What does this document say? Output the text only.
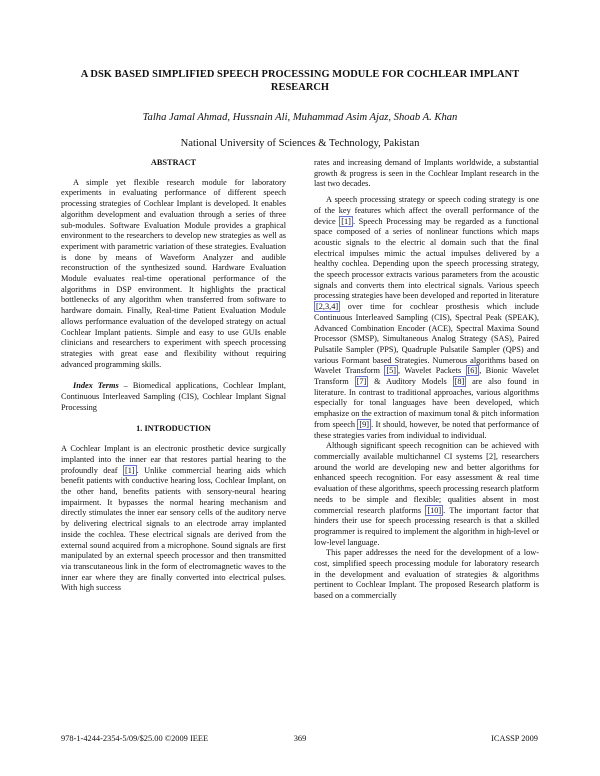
A DSK BASED SIMPLIFIED SPEECH PROCESSING MODULE FOR COCHLEAR IMPLANT RESEARCH
Talha Jamal Ahmad, Hussnain Ali, Muhammad Asim Ajaz, Shoab A. Khan
National University of Sciences & Technology, Pakistan
ABSTRACT

A simple yet flexible research module for laboratory experiments in evaluating performance of different speech processing strategies of Cochlear Implant is developed. It enables algorithm development and evaluation through a series of three sub-modules. Software Evaluation Module provides a graphical environment to the researchers to develop new strategies as well as experiment with parametric variation of these strategies. Evaluation is done by means of Waveform Analyzer and audible reconstruction of the synthesized sound. Hardware Evaluation Module evaluates real-time operational performance of the algorithms in DSP environment. It highlights the practical bottlenecks of any algorithm when transferred from software to hardware domain. Finally, Real-time Patient Evaluation Module allows performance evaluation of the developed strategy on actual Cochlear Implant patients. Simple and easy to use GUIs enable clinicians and researchers to experiment with speech processing strategies with great ease and flexibility without requiring advanced programming skills.

Index Terms – Biomedical applications, Cochlear Implant, Continuous Interleaved Sampling (CIS), Cochlear Implant Signal Processing

1. INTRODUCTION

A Cochlear Implant is an electronic prosthetic device surgically implanted into the inner ear that restores partial hearing to the profoundly deaf [1] . Unlike commercial hearing aids which benefit patients with conductive hearing loss, Cochlear Implant, on the other hand, benefits patients with sensory-neural hearing impairment. It bypasses the normal hearing mechanism and directly stimulates the inner ear sensory cells of the auditory nerve by delivering electrical signals to an electrode array implanted inside the cochlea. These electrical signals are derived from the external sound acquired from a microphone. Sound signals are first manipulated by an external speech processor and then transmitted via transcutaneous link in the form of electromagnetic waves to the inner ear where they are finally converted into electrical pulses. With high success

rates and increasing demand of Implants worldwide, a substantial growth & progress is seen in the Cochlear Implant research in the last two decades.

A speech processing strategy or speech coding strategy is one of the key features which affect the overall performance of the device [1] . Speech Processing may be regarded as a functional space composed of a series of nonlinear functions which maps acoustic signals to the electric al domain such that the final electrical impulses mimic the actual impulses delivered by a healthy cochlea. Depending upon the speech processing strategy, the speech processor extracts various parameters from the acoustic signals and converts them into electrical signals. Various speech processing strategies have been developed and reported in literature [2,3,4] over time for cochlear prosthesis which include Continuous Interleaved Sampling (CIS), Spectral Peak (SPEAK), Advanced Combination Encoder (ACE), Spectral Maxima Sound Processor (SMSP), Simultaneous Analog Strategy (SAS), Paired Pulsatile Sampler (PPS), Quadruple Pulsatile Sampler (QPS) and various Formant based Strategies. Numerous algorithms based on Wavelet Transform [5] , Wavelet Packets [6] , Bionic Wavelet Transform [7] & Auditory Models [8] are also found in literature. In contrast to traditional approaches, various algorithms especially for tonal languages have been developed, which emphasize on the extraction of maximum tonal & pitch information from speech [9] . It should, however, be noted that performance of these strategies varies from individual to individual.

Although significant speech recognition can be achieved with commercially available multichannel CI systems [2], researchers around the world are developing new and better algorithms for enhanced speech recognition. For easy assessment & real time evaluation of these algorithms, speech processing research platform needs to be simple and flexible; qualities absent in most commercial research platforms [10] . The important factor that hinders their use for speech processing research is that a skilled programmer is required to implement the algorithm in high-level or low-level language.

This paper addresses the need for the development of a low-cost, simplified speech processing module for laboratory research in the development and evaluation of strategies & algorithms pertinent to Cochlear Implant. The proposed Research platform is based on a commercially

978-1-4244-2354-5/09/$25.00 ©2009 IEEE	369	ICASSP 2009
